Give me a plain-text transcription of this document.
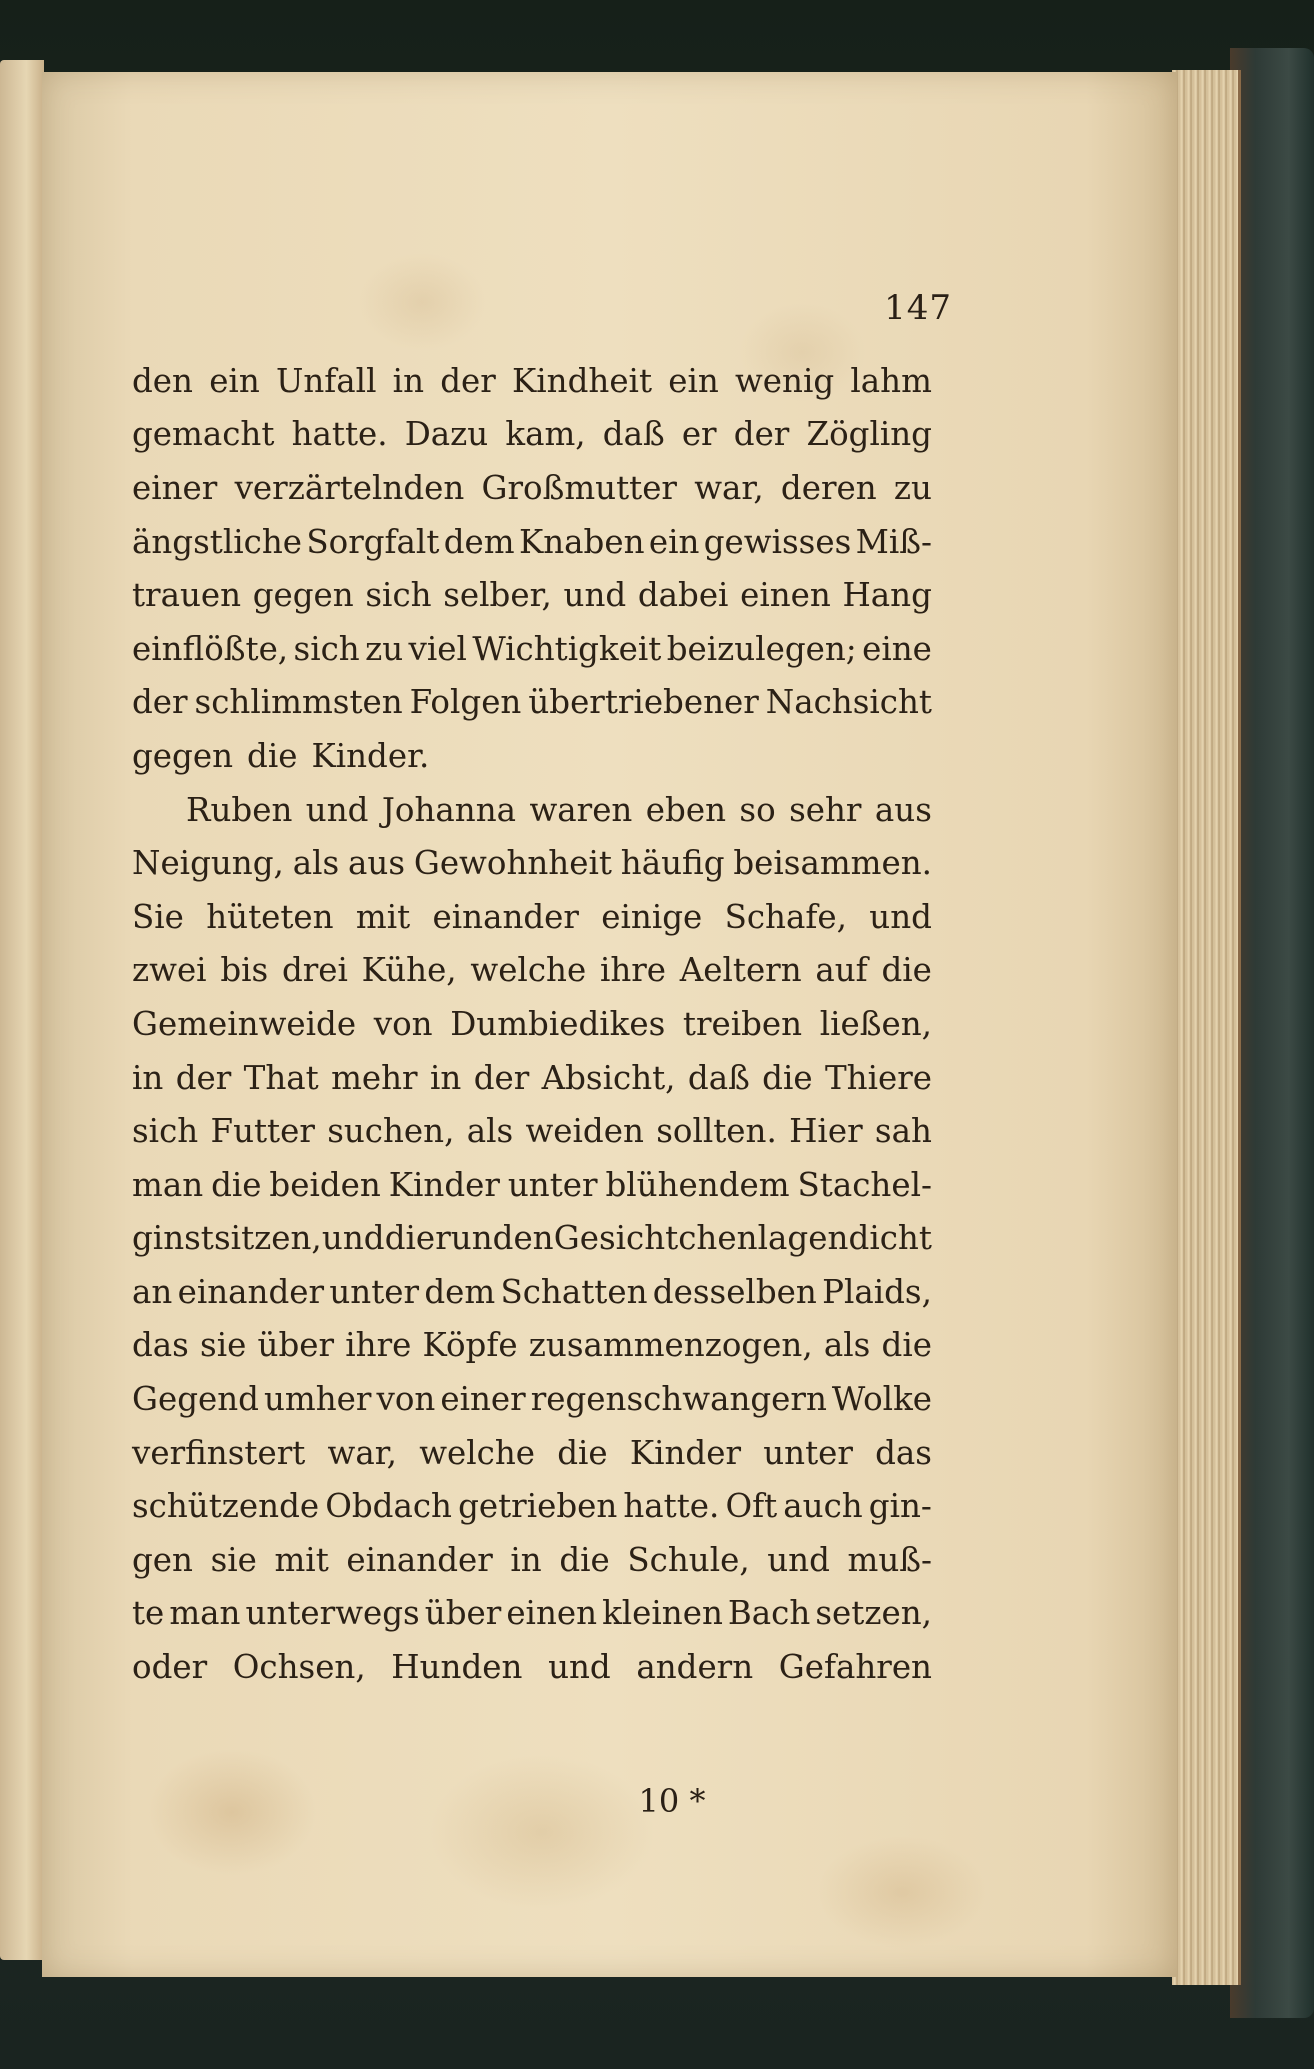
147
den ein Unfall in der Kindheit ein wenig lahm
gemacht hatte. Dazu kam, daß er der Zögling
einer verzärtelnden Großmutter war, deren zu
ängstliche Sorgfalt dem Knaben ein gewisses Miß-
trauen gegen sich selber, und dabei einen Hang
einflößte, sich zu viel Wichtigkeit beizulegen; eine
der schlimmsten Folgen übertriebener Nachsicht
gegen die Kinder.
Ruben und Johanna waren eben so sehr aus
Neigung, als aus Gewohnheit häufig beisammen.
Sie hüteten mit einander einige Schafe, und
zwei bis drei Kühe, welche ihre Aeltern auf die
Gemeinweide von Dumbiedikes treiben ließen,
in der That mehr in der Absicht, daß die Thiere
sich Futter suchen, als weiden sollten. Hier sah
man die beiden Kinder unter blühendem Stachel-
ginst sitzen, und die runden Gesichtchen lagen dicht
an einander unter dem Schatten desselben Plaids,
das sie über ihre Köpfe zusammenzogen, als die
Gegend umher von einer regenschwangern Wolke
verfinstert war, welche die Kinder unter das
schützende Obdach getrieben hatte. Oft auch gin-
gen sie mit einander in die Schule, und muß-
te man unterwegs über einen kleinen Bach setzen,
oder Ochsen, Hunden und andern Gefahren
10 *
